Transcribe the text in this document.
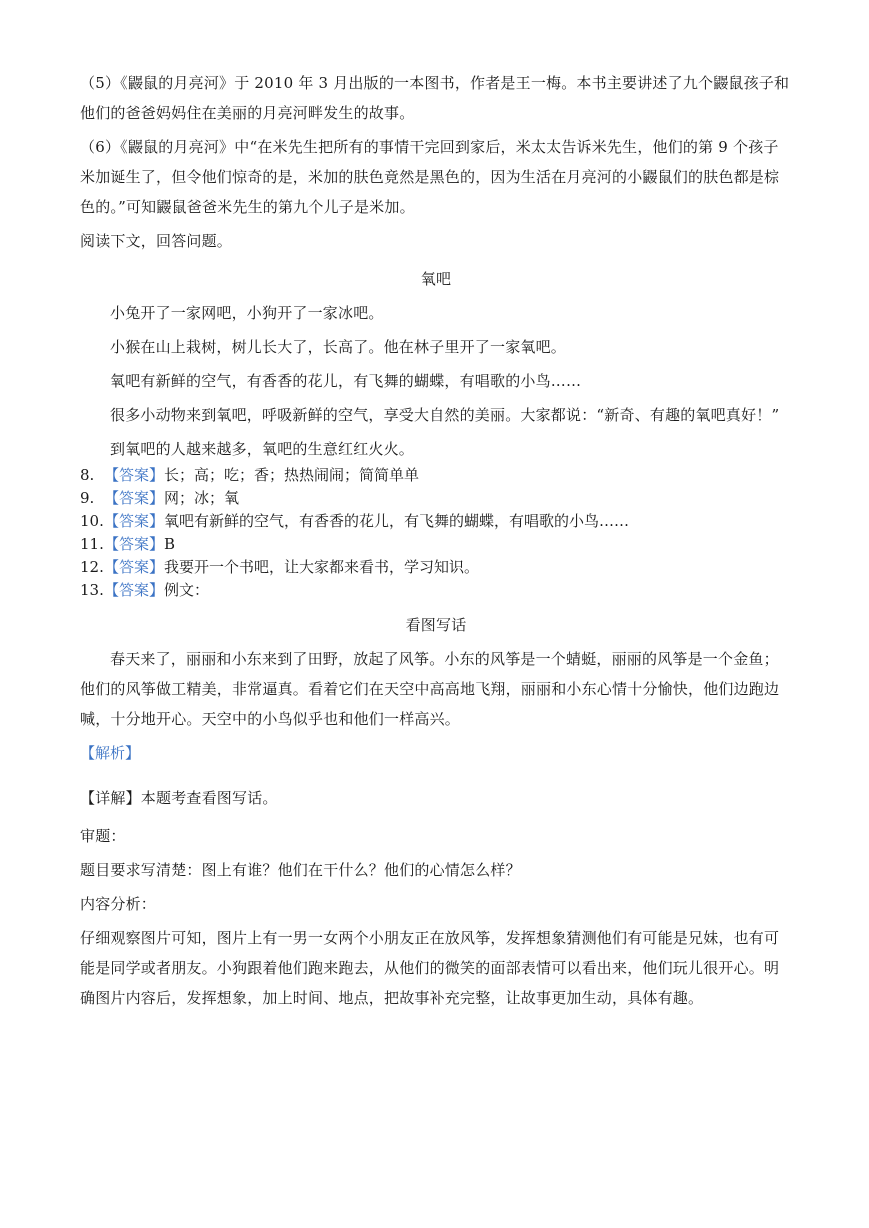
（5）《鼹鼠的月亮河》于 2010 年 3 月出版的一本图书，作者是王一梅。本书主要讲述了九个鼹鼠孩子和他们的爸爸妈妈住在美丽的月亮河畔发生的故事。

（6）《鼹鼠的月亮河》中“在米先生把所有的事情干完回到家后，米太太告诉米先生，他们的第 9 个孩子米加诞生了，但令他们惊奇的是，米加的肤色竟然是黑色的，因为生活在月亮河的小鼹鼠们的肤色都是棕色的。”可知鼹鼠爸爸米先生的第九个儿子是米加。

阅读下文，回答问题。

氧吧

小兔开了一家网吧，小狗开了一家冰吧。

小猴在山上栽树，树儿长大了，长高了。他在林子里开了一家氧吧。

氧吧有新鲜的空气，有香香的花儿，有飞舞的蝴蝶，有唱歌的小鸟……

很多小动物来到氧吧，呼吸新鲜的空气，享受大自然的美丽。大家都说：“新奇、有趣的氧吧真好！”

到氧吧的人越来越多，氧吧的生意红红火火。

8. 【答案】长；高；吃；香；热热闹闹；简简单单
9. 【答案】网；冰；氧
10. 【答案】氧吧有新鲜的空气，有香香的花儿，有飞舞的蝴蝶，有唱歌的小鸟……
11. 【答案】B
12. 【答案】我要开一个书吧，让大家都来看书，学习知识。
13. 【答案】例文：

看图写话

春天来了，丽丽和小东来到了田野，放起了风筝。小东的风筝是一个蜻蜓，丽丽的风筝是一个金鱼；他们的风筝做工精美，非常逼真。看着它们在天空中高高地飞翔，丽丽和小东心情十分愉快，他们边跑边喊，十分地开心。天空中的小鸟似乎也和他们一样高兴。

【解析】

【详解】本题考查看图写话。

审题：

题目要求写清楚：图上有谁？他们在干什么？他们的心情怎么样？

内容分析：

仔细观察图片可知，图片上有一男一女两个小朋友正在放风筝，发挥想象猜测他们有可能是兄妹，也有可能是同学或者朋友。小狗跟着他们跑来跑去，从他们的微笑的面部表情可以看出来，他们玩儿很开心。明确图片内容后，发挥想象，加上时间、地点，把故事补充完整，让故事更加生动，具体有趣。
